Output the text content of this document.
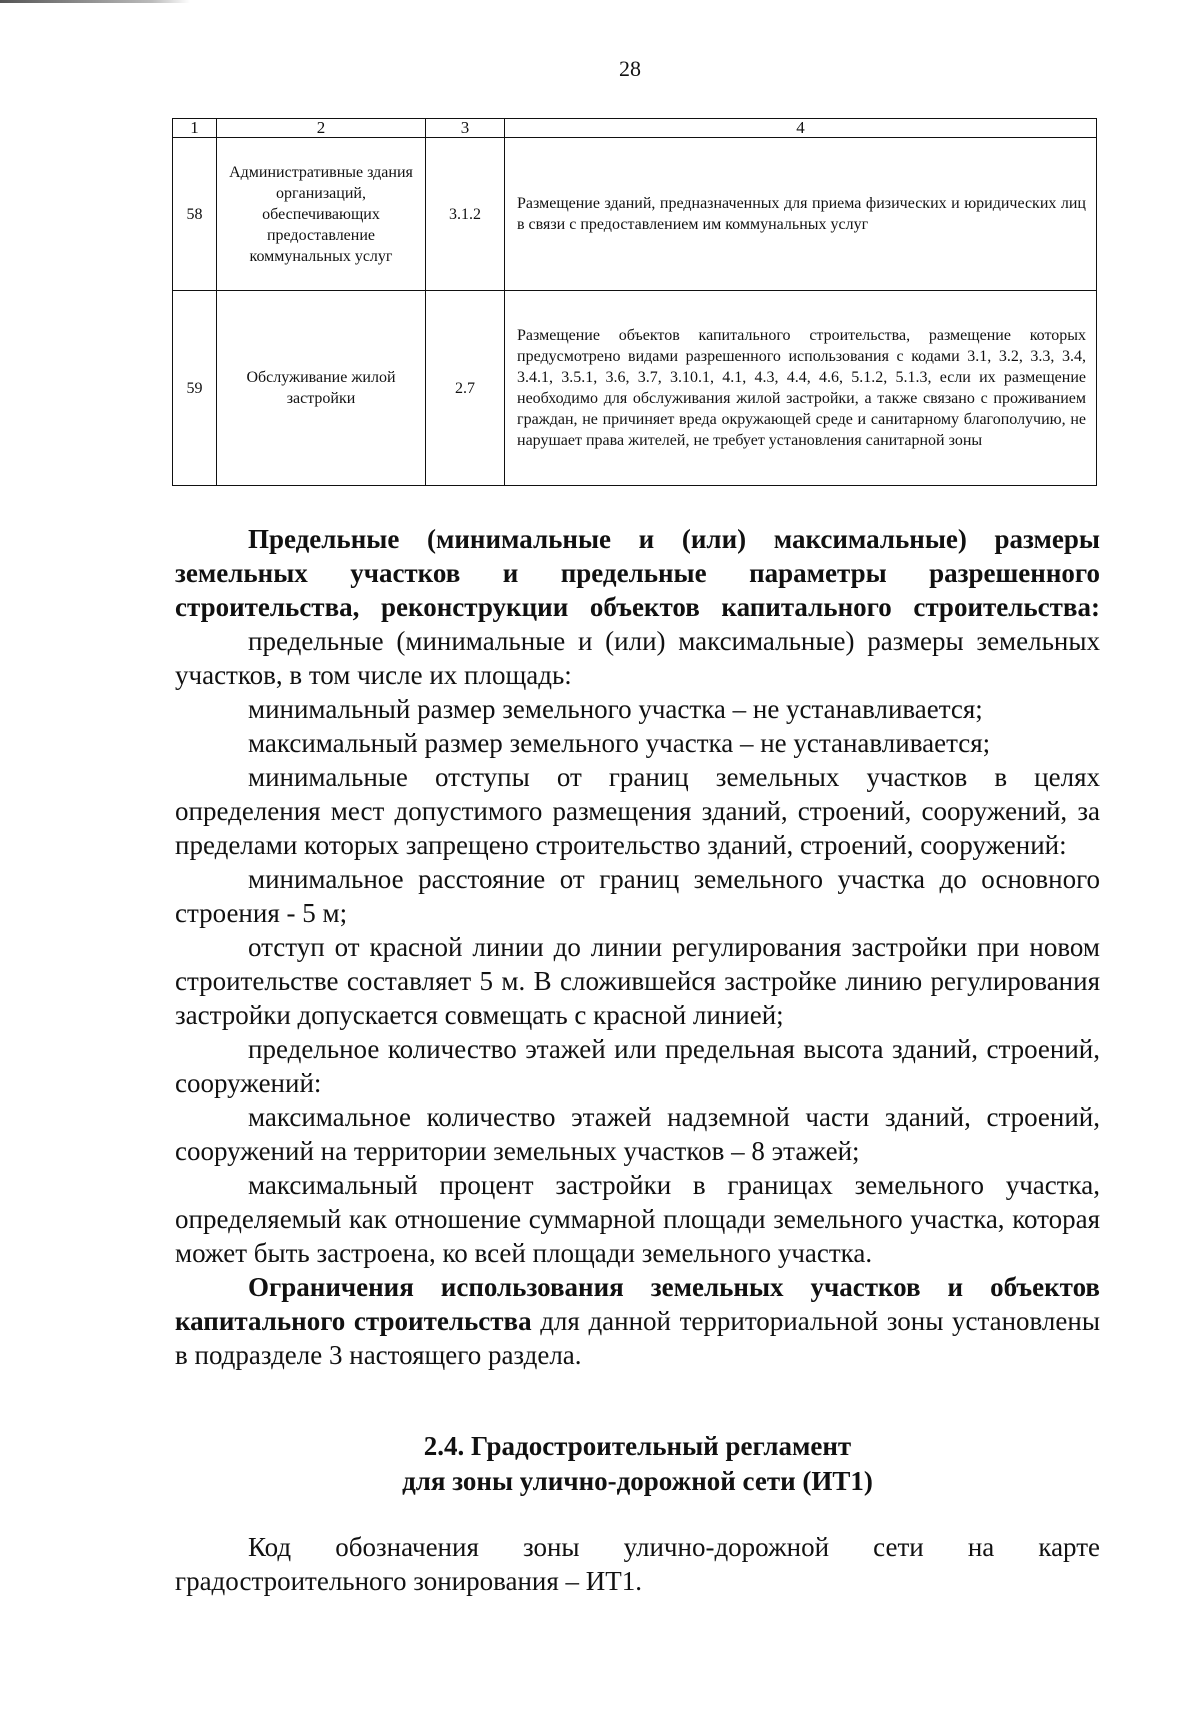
28
1	2	3	4
58	Административные здания организаций, обеспечивающих предоставление коммунальных услуг	3.1.2	Размещение зданий, предназначенных для приема физических и юридических лиц в связи с предоставлением им коммунальных услуг
59	Обслуживание жилой застройки	2.7	Размещение объектов капитального строительства, размещение которых предусмотрено видами разрешенного использования с кодами 3.1, 3.2, 3.3, 3.4, 3.4.1, 3.5.1, 3.6, 3.7, 3.10.1, 4.1, 4.3, 4.4, 4.6, 5.1.2, 5.1.3, если их размещение необходимо для обслуживания жилой застройки, а также связано с проживанием граждан, не причиняет вреда окружающей среде и санитарному благополучию, не нарушает права жителей, не требует установления санитарной зоны

Предельные (минимальные и (или) максимальные) размеры

земельных участков и предельные параметры разрешенного

строительства, реконструкции объектов капитального строительства:

предельные (минимальные и (или) максимальные) размеры земельных участков, в том числе их площадь:

минимальный размер земельного участка – не устанавливается;

максимальный размер земельного участка – не устанавливается;

минимальные отступы от границ земельных участков в целях определения мест допустимого размещения зданий, строений, сооружений, за пределами которых запрещено строительство зданий, строений, сооружений:

минимальное расстояние от границ земельного участка до основного строения - 5 м;

отступ от красной линии до линии регулирования застройки при новом строительстве составляет 5 м. В сложившейся застройке линию регулирования застройки допускается совмещать с красной линией;

предельное количество этажей или предельная высота зданий, строений, сооружений:

максимальное количество этажей надземной части зданий, строений, сооружений на территории земельных участков – 8 этажей;

максимальный процент застройки в границах земельного участка, определяемый как отношение суммарной площади земельного участка, которая может быть застроена, ко всей площади земельного участка.

Ограничения использования земельных участков и объектов капитального строительства для данной территориальной зоны установлены в подразделе 3 настоящего раздела.

2.4. Градостроительный регламент

для зоны улично-дорожной сети (ИТ1)

Код обозначения зоны улично-дорожной сети на карте градостроительного зонирования – ИТ1.
